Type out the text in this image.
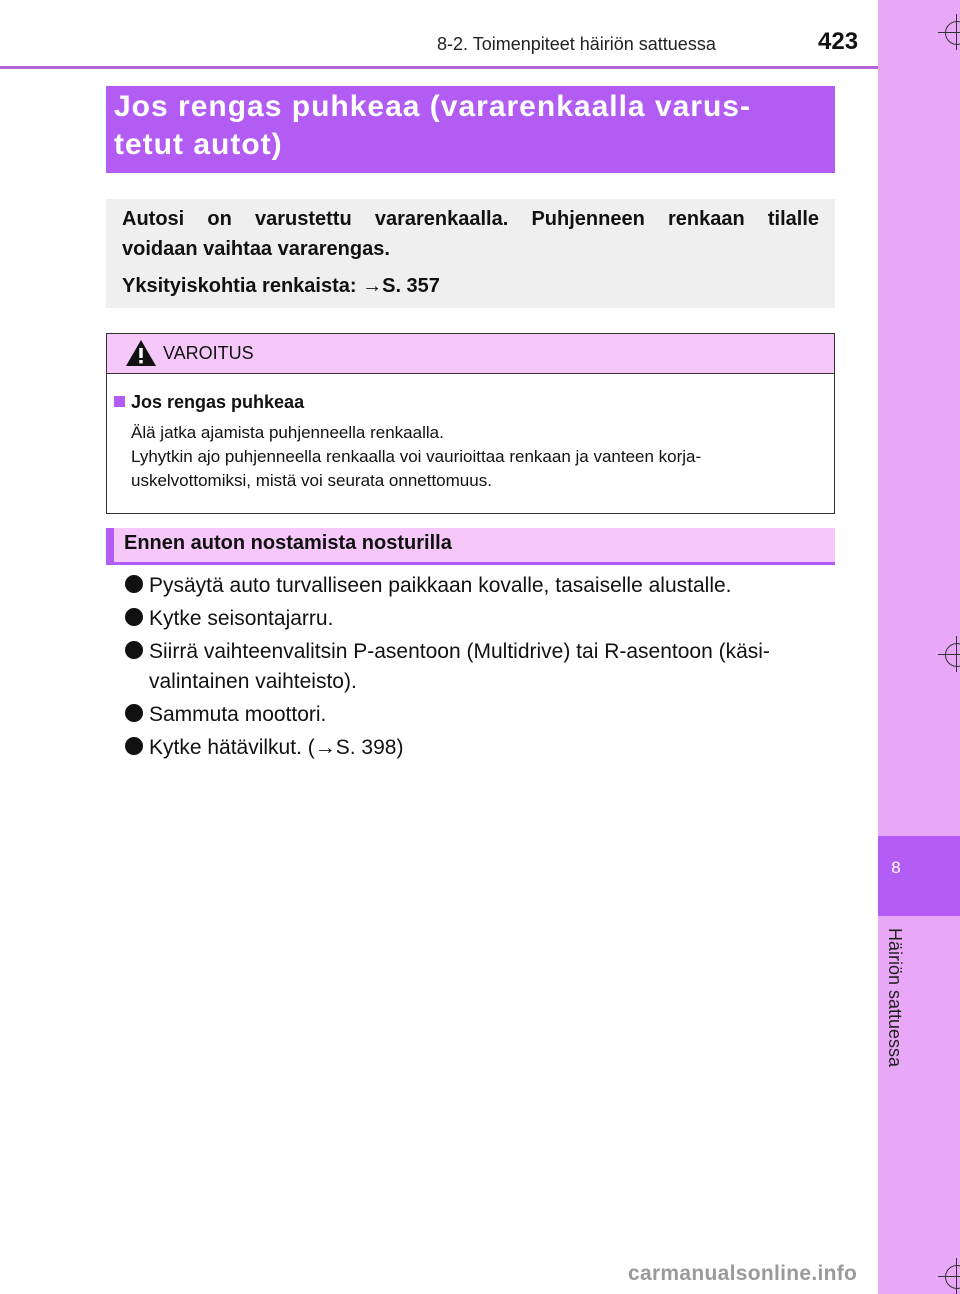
8-2. Toimenpiteet häiriön sattuessa	423
8
Häiriön sattuessa
Jos rengas puhkeaa (vararenkaalla varus-
tetut autot)
Autosi on varustettu vararenkaalla. Puhjenneen renkaan tilalle
voidaan vaihtaa vararengas.
Yksityiskohtia renkaista: →S. 357
VAROITUS
Jos rengas puhkeaa
Älä jatka ajamista puhjenneella renkaalla.
Lyhytkin ajo puhjenneella renkaalla voi vaurioittaa renkaan ja vanteen korja-
uskelvottomiksi, mistä voi seurata onnettomuus.
Ennen auton nostamista nosturilla
Pysäytä auto turvalliseen paikkaan kovalle, tasaiselle alustalle.
Kytke seisontajarru.
Siirrä vaihteenvalitsin P-asentoon (Multidrive) tai R-asentoon (käsi-
valintainen vaihteisto).
Sammuta moottori.
Kytke hätävilkut. (→S. 398)
carmanualsonline.info
